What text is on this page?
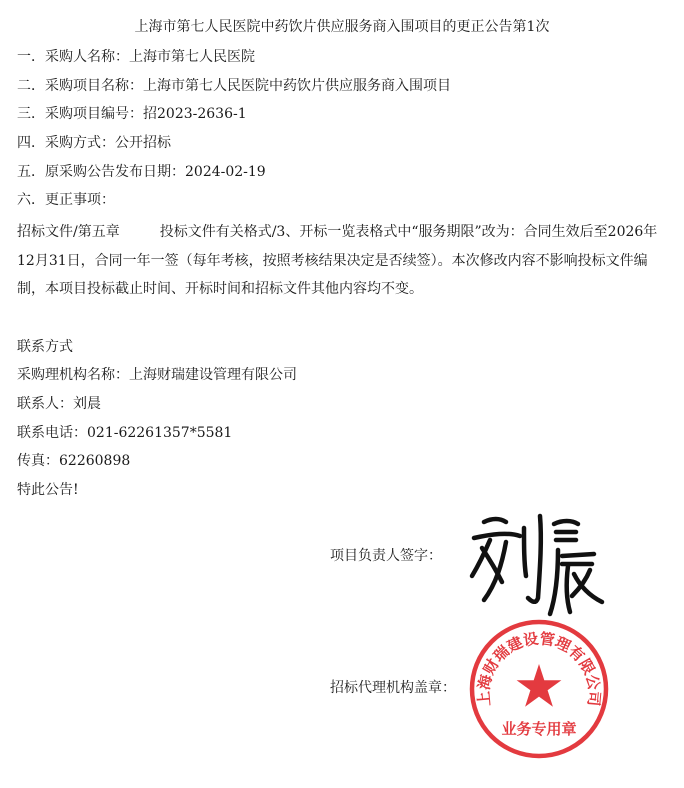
上海市第七人民医院中药饮片供应服务商入围项目的更正公告第1次
一．采购人名称：上海市第七人民医院
二．采购项目名称：上海市第七人民医院中药饮片供应服务商入围项目
三．采购项目编号：招2023-2636-1
四．采购方式：公开招标
五．原采购公告发布日期：2024-02-19
六．更正事项：
招标文件/第五章	投标文件有关格式/3、开标一览表格式中“服务期限”改为：合同生效后至2026年12月31日，合同一年一签（每年考核，按照考核结果决定是否续签）。本次修改内容不影响投标文件编制，本项目投标截止时间、开标时间和招标文件其他内容均不变。
联系方式
采购理机构名称：上海财瑞建设管理有限公司
联系人：刘晨
联系电话：021-62261357*5581
传真：62260898
特此公告!
项目负责人签字：
招标代理机构盖章：
上海财瑞建设管理有限公司
业务专用章
